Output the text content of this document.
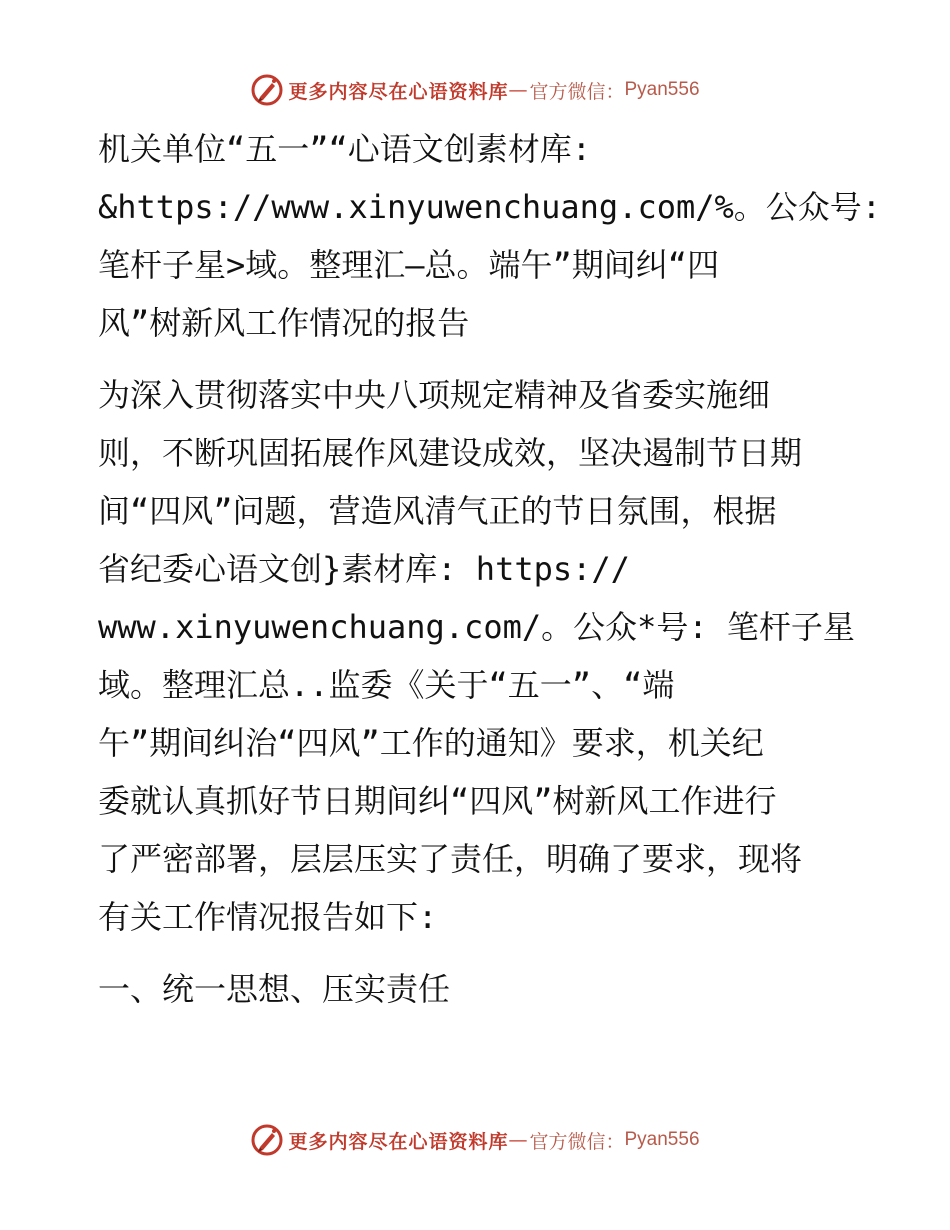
更多内容尽在心语资料库 — 官方微信： Pyan556
机关单位“五一”“心语文创素材库:
&https://www.xinyuwenchuang.com/%。公众号:
笔杆子星>域。整理汇—总。端午”期间纠“四
风”树新风工作情况的报告
为深入贯彻落实中央八项规定精神及省委实施细
则，不断巩固拓展作风建设成效，坚决遏制节日期
间“四风”问题，营造风清气正的节日氛围，根据
省纪委心语文创}素材库: https://
www.xinyuwenchuang.com/。公众*号: 笔杆子星
域。整理汇总..监委《关于“五一”、“端
午”期间纠治“四风”工作的通知》要求，机关纪
委就认真抓好节日期间纠“四风”树新风工作进行
了严密部署，层层压实了责任，明确了要求，现将
有关工作情况报告如下:
一、统一思想、压实责任
更多内容尽在心语资料库 — 官方微信： Pyan556
